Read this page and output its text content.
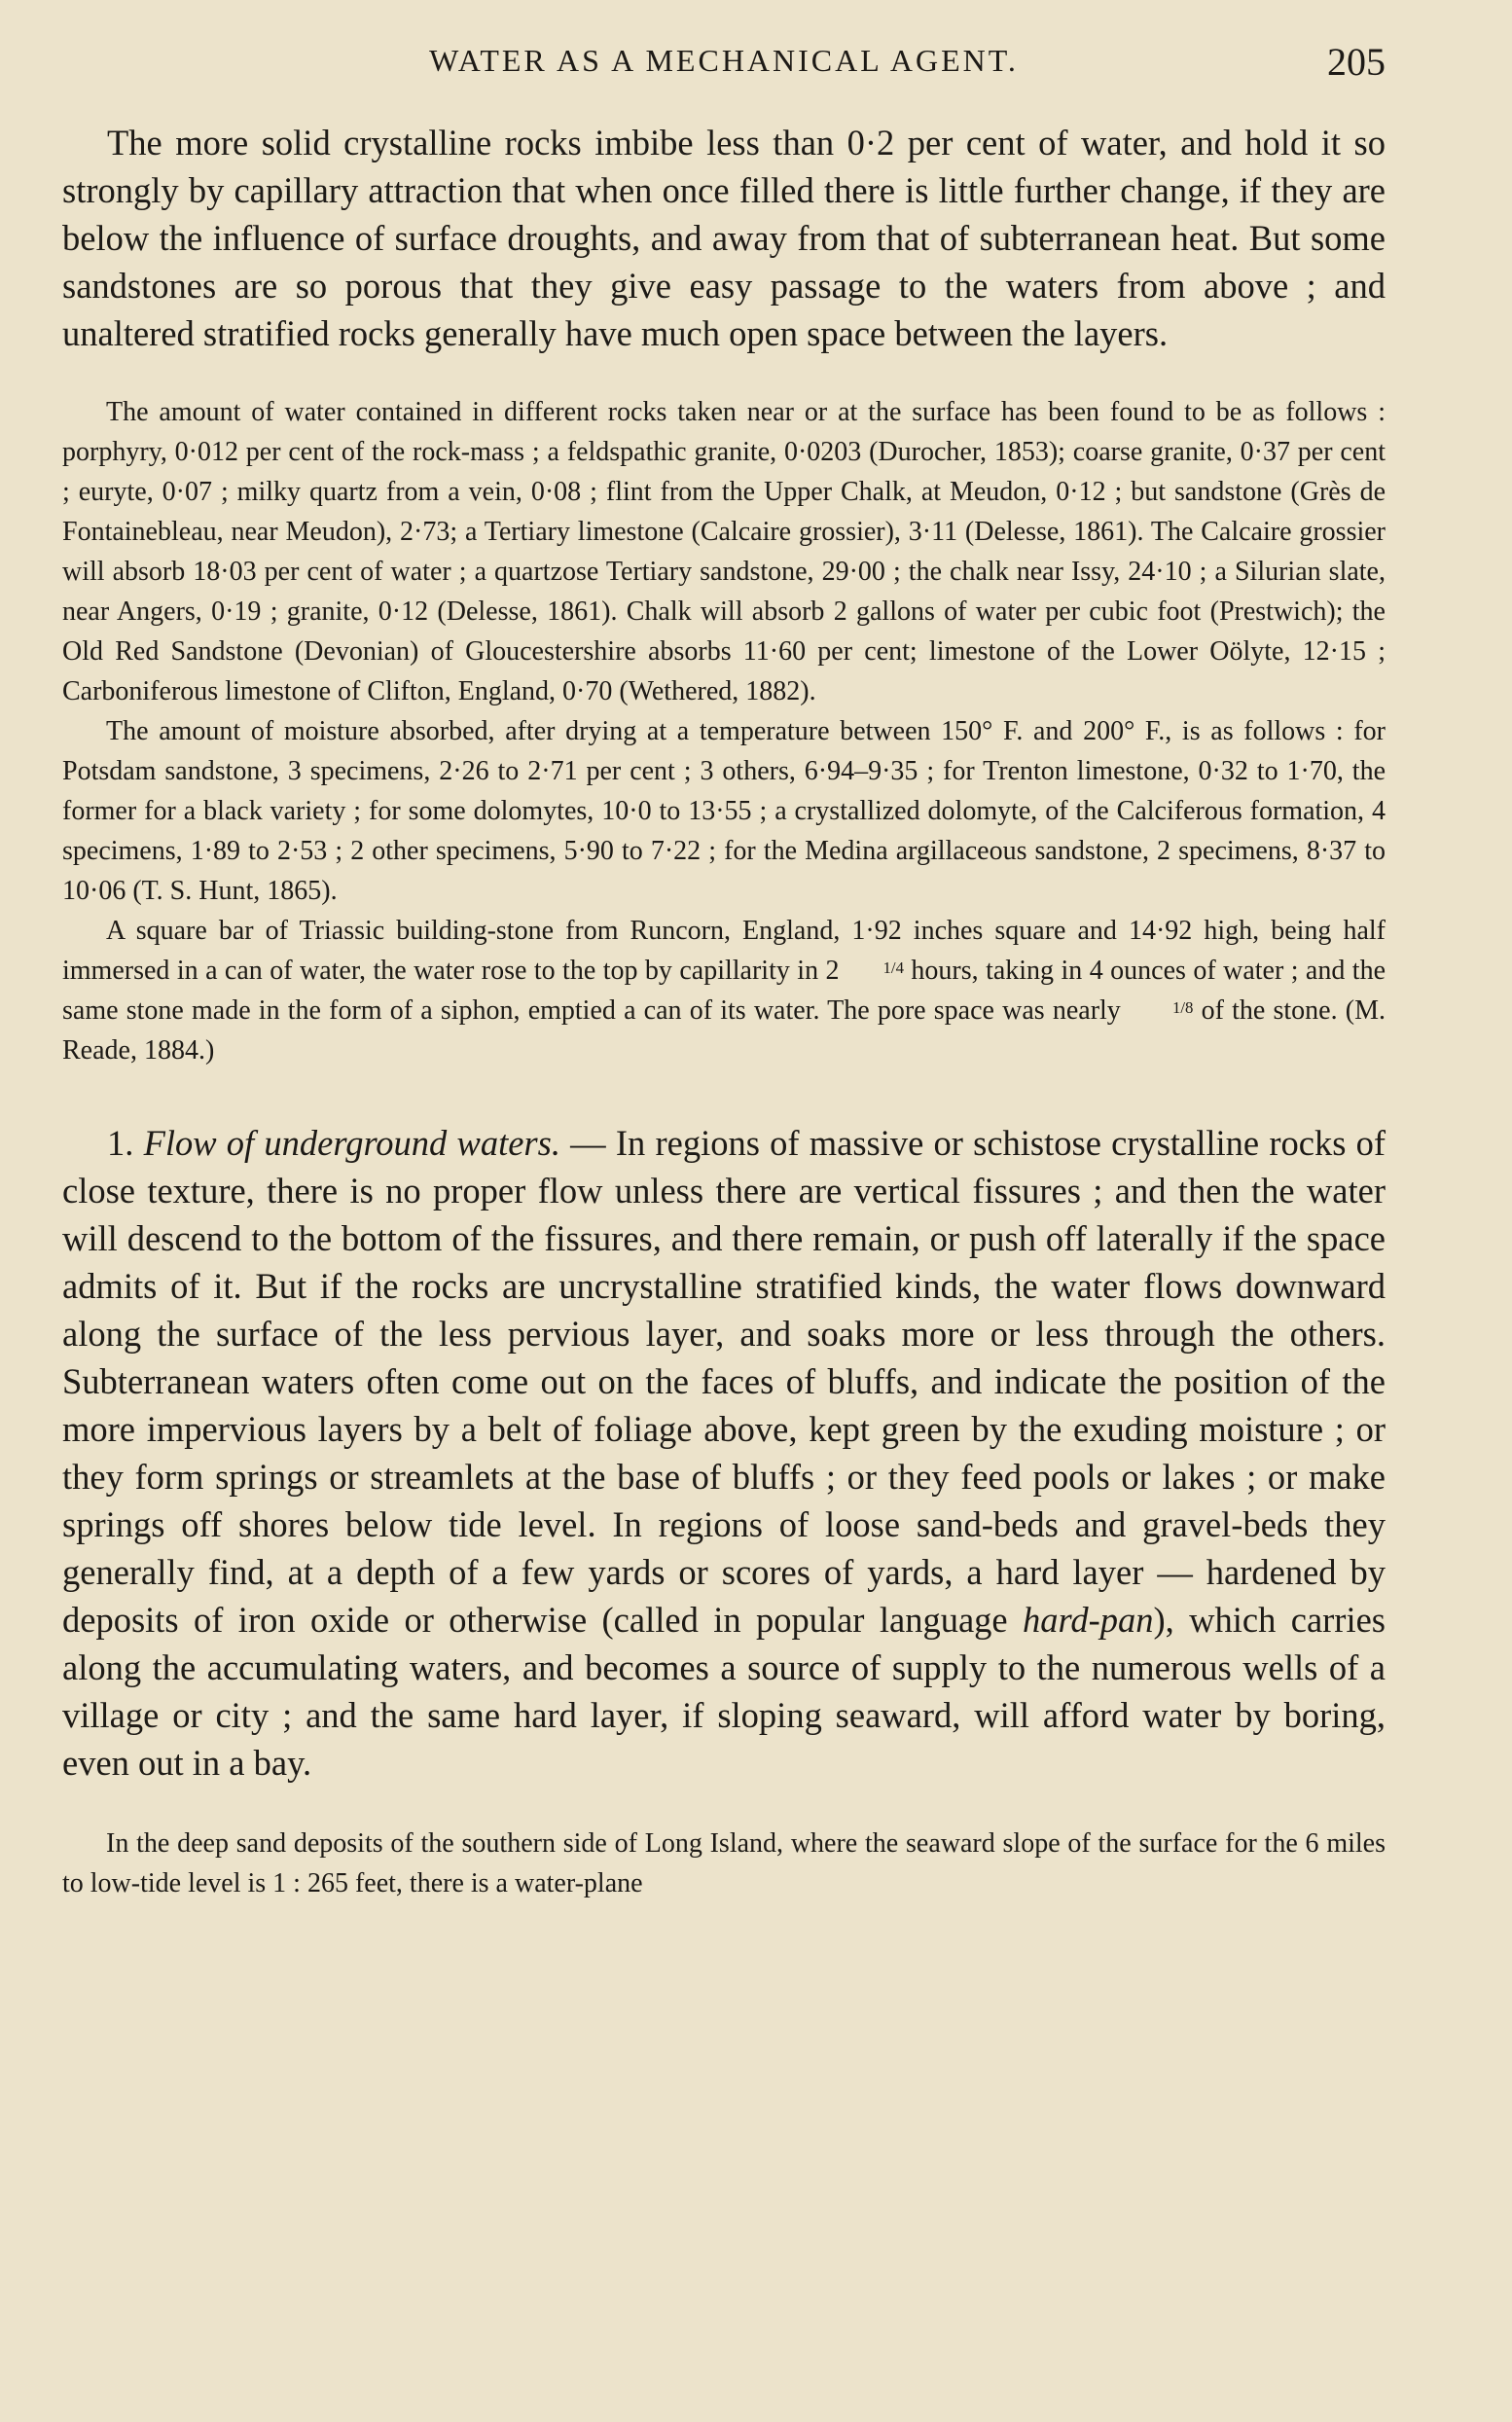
WATER AS A MECHANICAL AGENT.	205

The more solid crystalline rocks imbibe less than 0·2 per cent of water, and hold it so strongly by capillary attraction that when once filled there is little further change, if they are below the influence of surface droughts, and away from that of subterranean heat. But some sandstones are so porous that they give easy passage to the waters from above ; and unaltered stratified rocks generally have much open space between the layers.

The amount of water contained in different rocks taken near or at the surface has been found to be as follows : porphyry, 0·012 per cent of the rock-mass ; a feldspathic granite, 0·0203 (Durocher, 1853); coarse granite, 0·37 per cent ; euryte, 0·07 ; milky quartz from a vein, 0·08 ; flint from the Upper Chalk, at Meudon, 0·12 ; but sandstone (Grès de Fontainebleau, near Meudon), 2·73; a Tertiary limestone (Calcaire grossier), 3·11 (Delesse, 1861). The Calcaire grossier will absorb 18·03 per cent of water ; a quartzose Tertiary sandstone, 29·00 ; the chalk near Issy, 24·10 ; a Silurian slate, near Angers, 0·19 ; granite, 0·12 (Delesse, 1861). Chalk will absorb 2 gallons of water per cubic foot (Prestwich); the Old Red Sandstone (Devonian) of Gloucestershire absorbs 11·60 per cent; limestone of the Lower Oölyte, 12·15 ; Carboniferous limestone of Clifton, England, 0·70 (Wethered, 1882).

The amount of moisture absorbed, after drying at a temperature between 150° F. and 200° F., is as follows : for Potsdam sandstone, 3 specimens, 2·26 to 2·71 per cent ; 3 others, 6·94–9·35 ; for Trenton limestone, 0·32 to 1·70, the former for a black variety ; for some dolomytes, 10·0 to 13·55 ; a crystallized dolomyte, of the Calciferous formation, 4 specimens, 1·89 to 2·53 ; 2 other specimens, 5·90 to 7·22 ; for the Medina argillaceous sandstone, 2 specimens, 8·37 to 10·06 (T. S. Hunt, 1865).

A square bar of Triassic building-stone from Runcorn, England, 1·92 inches square and 14·92 high, being half immersed in a can of water, the water rose to the top by capillarity in 2	1/4 hours, taking in 4 ounces of water ; and the same stone made in the form of a siphon, emptied a can of its water. The pore space was nearly	1/8 of the stone. (M. Reade, 1884.)

1. Flow of underground waters. — In regions of massive or schistose crystalline rocks of close texture, there is no proper flow unless there are vertical fissures ; and then the water will descend to the bottom of the fissures, and there remain, or push off laterally if the space admits of it. But if the rocks are uncrystalline stratified kinds, the water flows downward along the surface of the less pervious layer, and soaks more or less through the others. Subterranean waters often come out on the faces of bluffs, and indicate the position of the more impervious layers by a belt of foliage above, kept green by the exuding moisture ; or they form springs or streamlets at the base of bluffs ; or they feed pools or lakes ; or make springs off shores below tide level. In regions of loose sand-beds and gravel-beds they generally find, at a depth of a few yards or scores of yards, a hard layer — hardened by deposits of iron oxide or otherwise (called in popular language hard-pan), which carries along the accumulating waters, and becomes a source of supply to the numerous wells of a village or city ; and the same hard layer, if sloping seaward, will afford water by boring, even out in a bay.

In the deep sand deposits of the southern side of Long Island, where the seaward slope of the surface for the 6 miles to low-tide level is 1 : 265 feet, there is a water-plane
